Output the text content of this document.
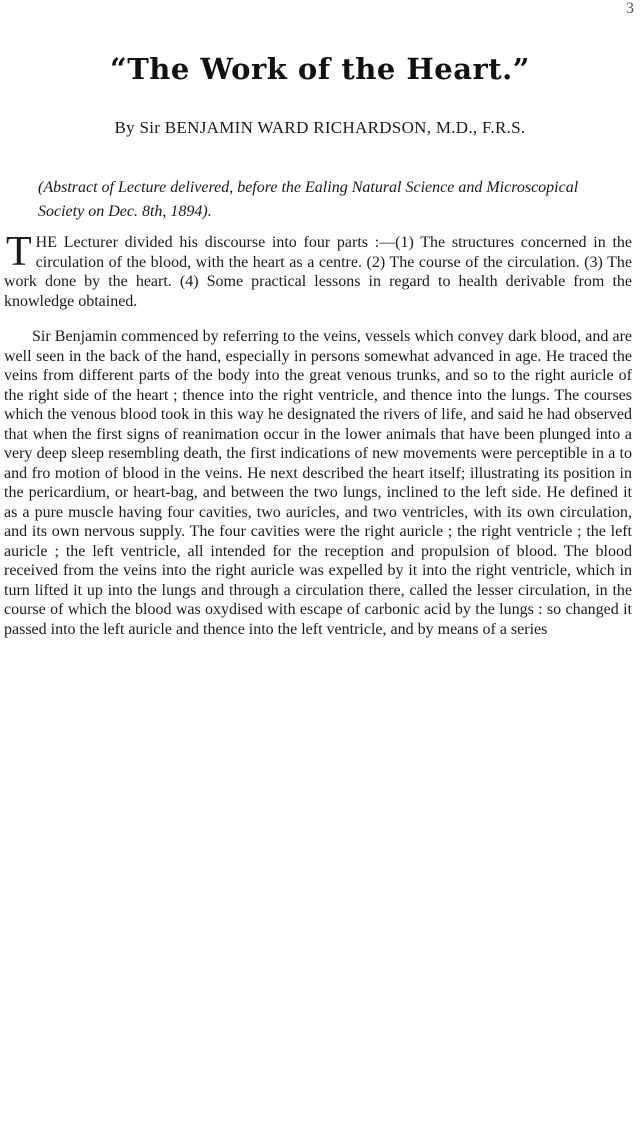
3
“The Work of the Heart.”
By Sir BENJAMIN WARD RICHARDSON, M.D., F.R.S.
(Abstract of Lecture delivered, before the Ealing Natural Science and Microscopical Society on Dec. 8th, 1894).

THE Lecturer divided his discourse into four parts :—(1) The structures concerned in the circulation of the blood, with the heart as a centre. (2) The course of the circulation. (3) The work done by the heart. (4) Some practical lessons in regard to health derivable from the knowledge obtained.

Sir Benjamin commenced by referring to the veins, vessels which convey dark blood, and are well seen in the back of the hand, especially in persons somewhat advanced in age. He traced the veins from different parts of the body into the great venous trunks, and so to the right auricle of the right side of the heart ; thence into the right ventricle, and thence into the lungs. The courses which the venous blood took in this way he designated the rivers of life, and said he had observed that when the first signs of reanimation occur in the lower animals that have been plunged into a very deep sleep resembling death, the first indications of new movements were perceptible in a to and fro motion of blood in the veins. He next described the heart itself; illustrating its position in the pericardium, or heart-bag, and between the two lungs, inclined to the left side. He defined it as a pure muscle having four cavities, two auricles, and two ventricles, with its own circulation, and its own nervous supply. The four cavities were the right auricle ; the right ventricle ; the left auricle ; the left ventricle, all intended for the reception and propulsion of blood. The blood received from the veins into the right auricle was expelled by it into the right ventricle, which in turn lifted it up into the lungs and through a circulation there, called the lesser circulation, in the course of which the blood was oxydised with escape of carbonic acid by the lungs : so changed it passed into the left auricle and thence into the left ventricle, and by means of a series
